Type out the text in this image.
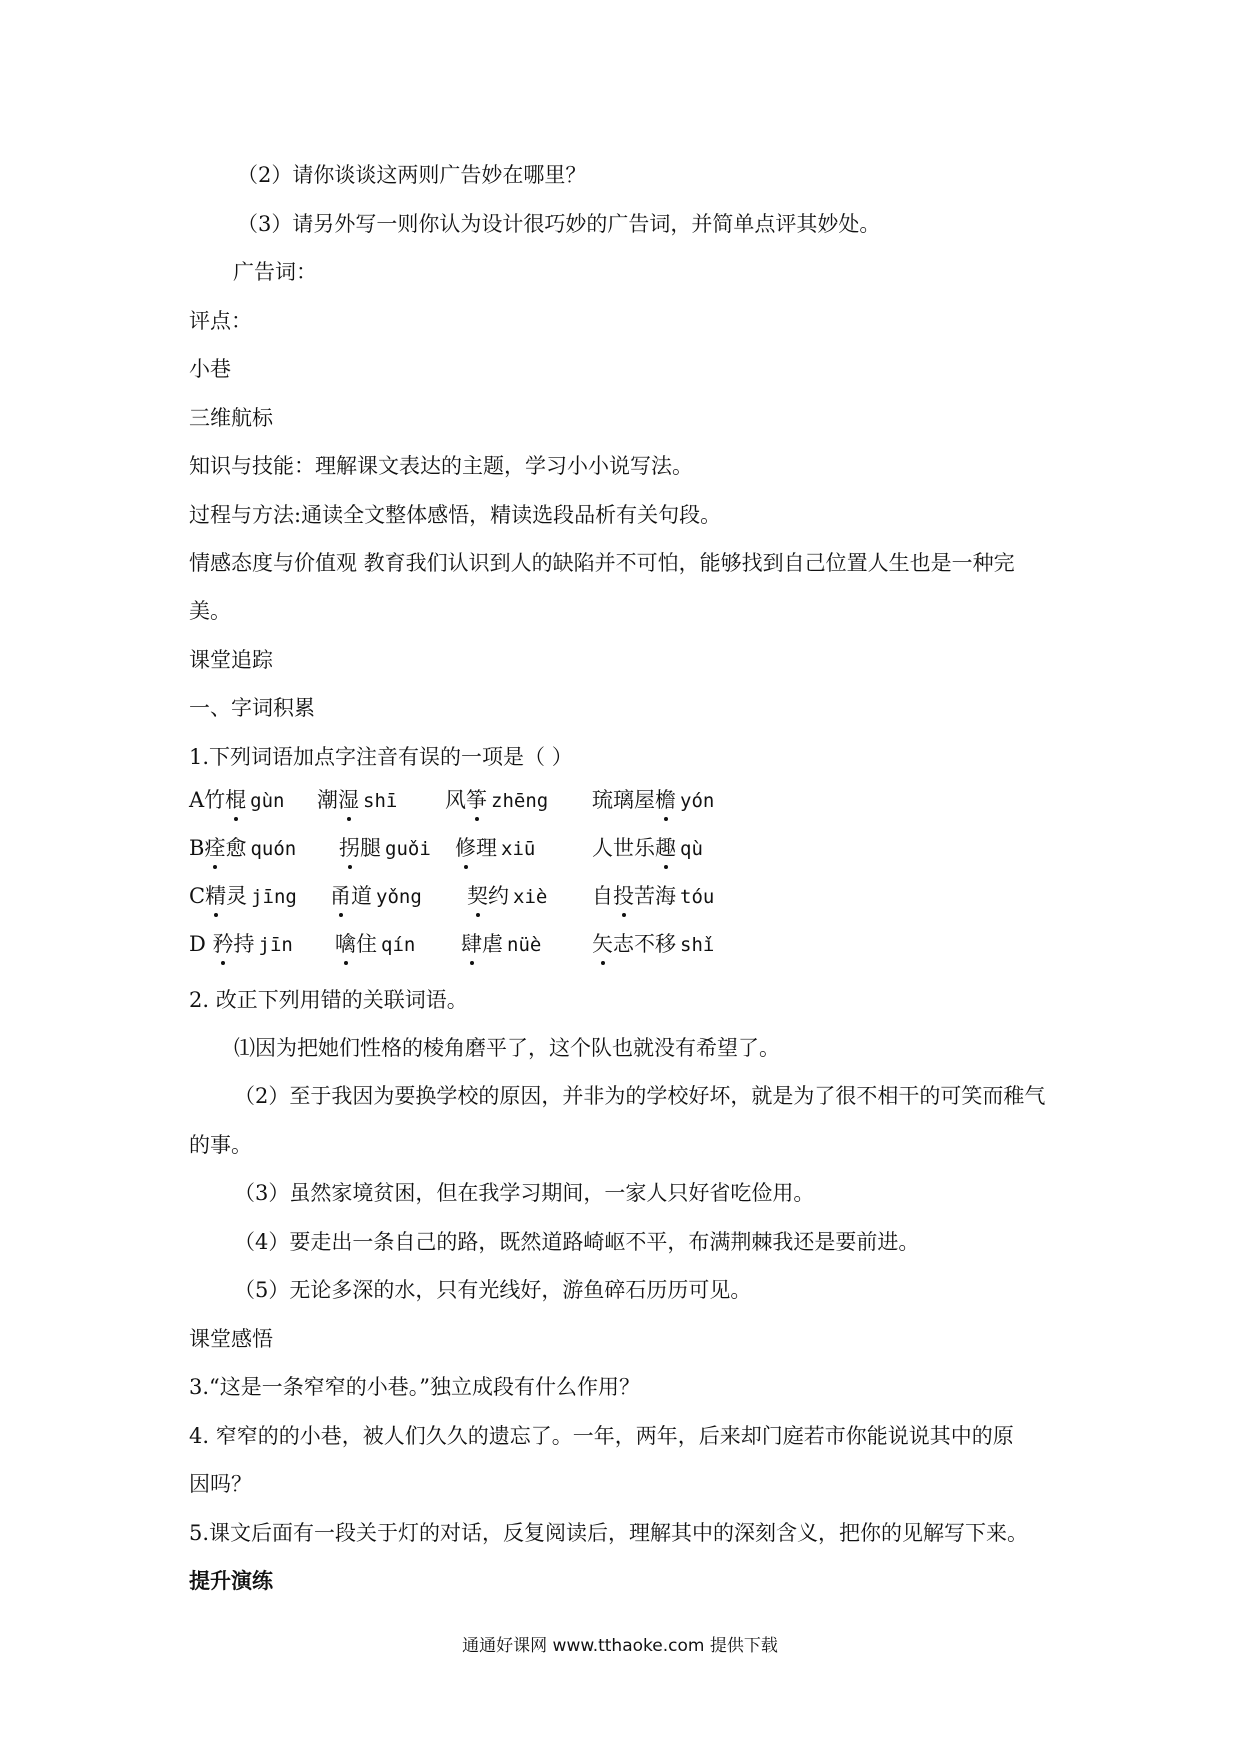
（2）请你谈谈这两则广告妙在哪里？
（3）请另外写一则你认为设计很巧妙的广告词，并简单点评其妙处。
广告词：
评点：
小巷
三维航标
知识与技能：理解课文表达的主题，学习小小说写法。
过程与方法:通读全文整体感悟，精读选段品析有关句段。
情感态度与价值观 教育我们认识到人的缺陷并不可怕，能够找到自己位置人生也是一种完
美。
课堂追踪
一、字词积累
1.下列词语加点字注音有误的一项是（ ）
A竹棍 gùn 潮湿 shī 风筝 zhēng 琉璃屋檐 yón
B痊愈 quón 拐腿 guǒi 修理 xiū	人世乐趣 qù
C精灵 jīng 甬道 yǒng 契约 xiè 自投苦海 tóu
D 矜持 jīn 噙住 qín 肆虐 nüè 矢志不移 shǐ
2. 改正下列用错的关联词语。
⑴因为把她们性格的棱角磨平了，这个队也就没有希望了。
（2）至于我因为要换学校的原因，并非为的学校好坏，就是为了很不相干的可笑而稚气
的事。
（3）虽然家境贫困，但在我学习期间，一家人只好省吃俭用。
（4）要走出一条自己的路，既然道路崎岖不平，布满荆棘我还是要前进。
（5）无论多深的水，只有光线好，游鱼碎石历历可见。
课堂感悟
3.“这是一条窄窄的小巷。”独立成段有什么作用？
4. 窄窄的的小巷，被人们久久的遗忘了。一年，两年，后来却门庭若市你能说说其中的原
因吗？
5.课文后面有一段关于灯的对话，反复阅读后，理解其中的深刻含义，把你的见解写下来。
提升演练
通通好课网 www.tthaoke.com 提供下载
